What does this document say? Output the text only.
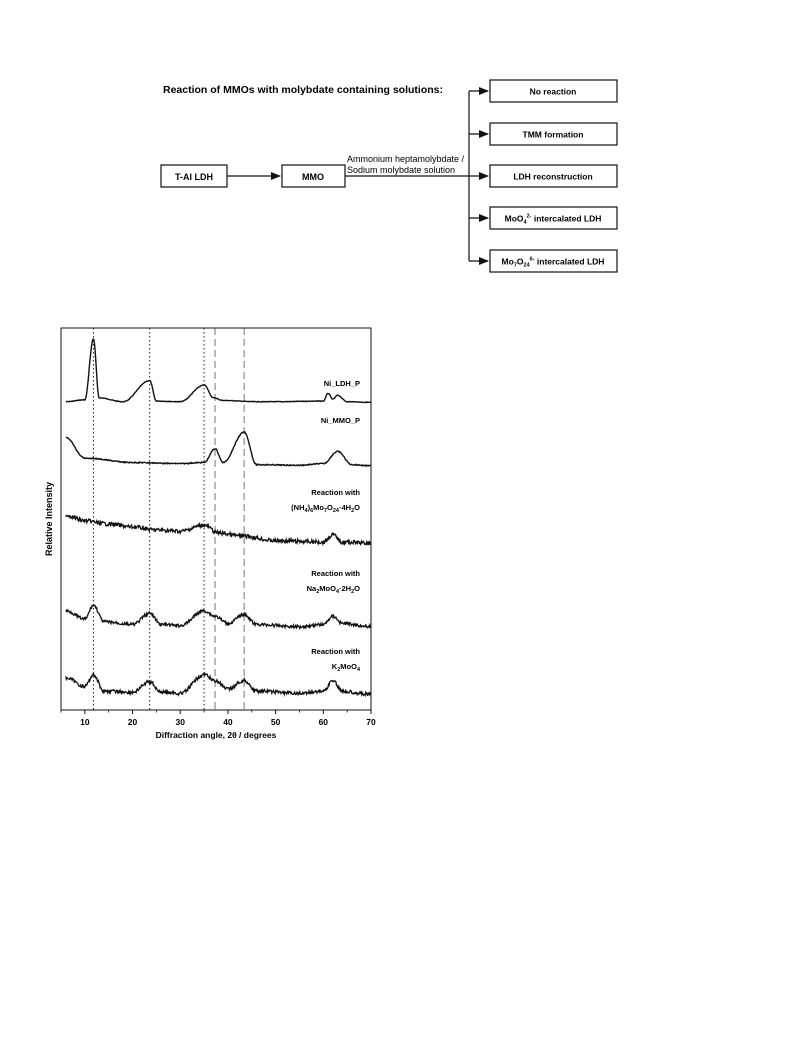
Reaction of MMOs with molybdate containing solutions:
T-Al LDH	MMO
Ammonium heptamolybdate /
Sodium molybdate solution
No reaction
TMM formation
LDH reconstruction
MoO$_4^{2-}$ intercalated LDH
$Mo_7O_{24}^{6-}$ intercalated LDH
Ni_LDH_P
Ni_MMO_P
Reaction with
$(NH_4)_6Mo_7O_{24}\cdot 4H_2O$
Reaction with
$Na_2MoO_4\cdot 2H_2O$
Reaction with
$K_2MoO_4$
10	20	30	40	50	60	70
Diffraction angle, 2θ / degrees
Relative Intensity
